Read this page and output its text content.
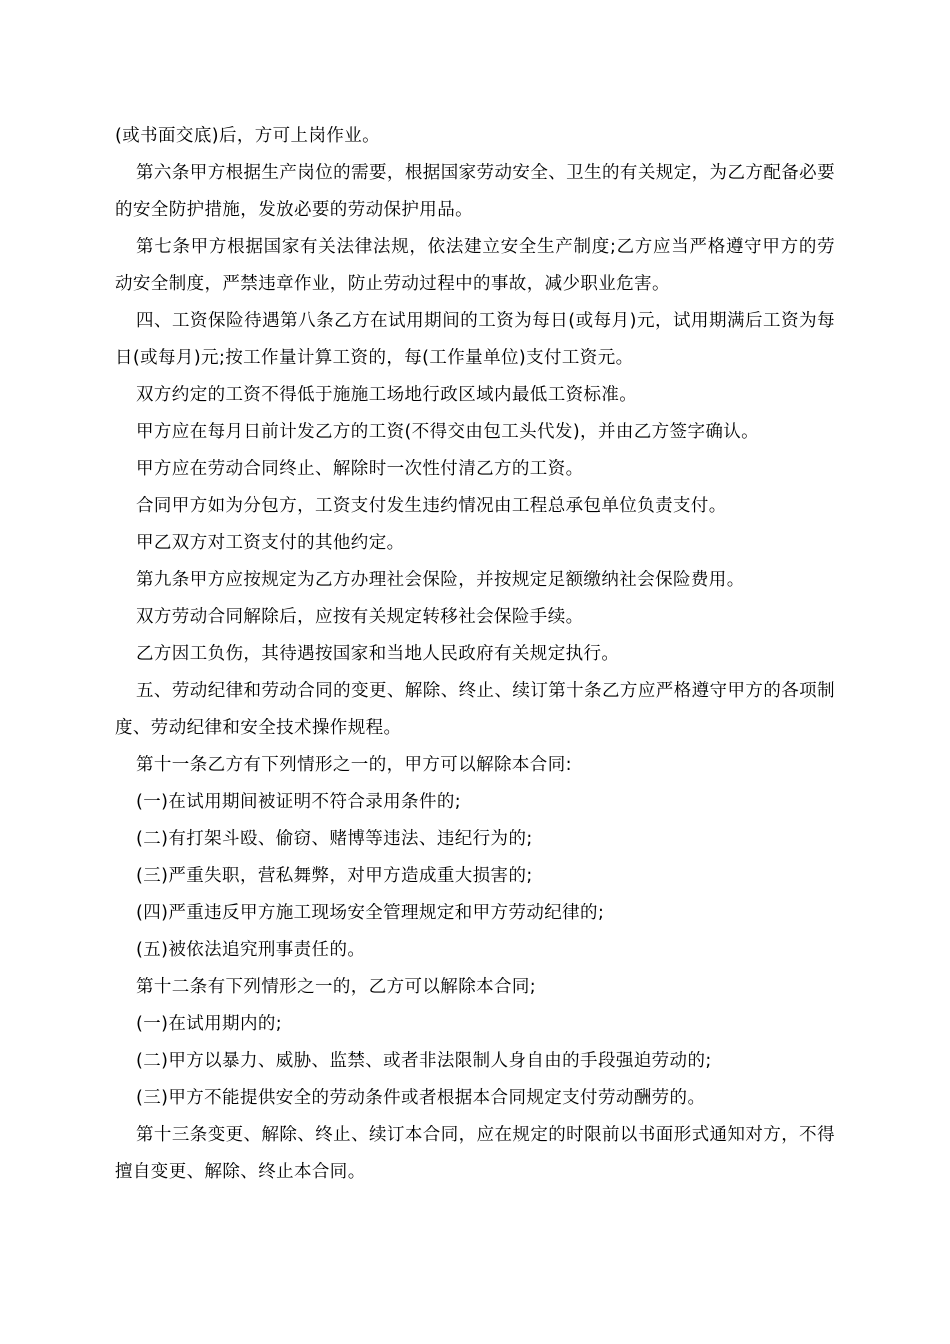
(或书面交底)后，方可上岗作业。

第六条甲方根据生产岗位的需要，根据国家劳动安全、卫生的有关规定，为乙方配备必要的安全防护措施，发放必要的劳动保护用品。

第七条甲方根据国家有关法律法规，依法建立安全生产制度;乙方应当严格遵守甲方的劳动安全制度，严禁违章作业，防止劳动过程中的事故，减少职业危害。

四、工资保险待遇第八条乙方在试用期间的工资为每日(或每月)元，试用期满后工资为每日(或每月)元;按工作量计算工资的，每(工作量单位)支付工资元。

双方约定的工资不得低于施施工场地行政区域内最低工资标准。

甲方应在每月日前计发乙方的工资(不得交由包工头代发)，并由乙方签字确认。

甲方应在劳动合同终止、解除时一次性付清乙方的工资。

合同甲方如为分包方，工资支付发生违约情况由工程总承包单位负责支付。

甲乙双方对工资支付的其他约定。

第九条甲方应按规定为乙方办理社会保险，并按规定足额缴纳社会保险费用。

双方劳动合同解除后，应按有关规定转移社会保险手续。

乙方因工负伤，其待遇按国家和当地人民政府有关规定执行。

五、劳动纪律和劳动合同的变更、解除、终止、续订第十条乙方应严格遵守甲方的各项制度、劳动纪律和安全技术操作规程。

第十一条乙方有下列情形之一的，甲方可以解除本合同:

(一)在试用期间被证明不符合录用条件的;

(二)有打架斗殴、偷窃、赌博等违法、违纪行为的;

(三)严重失职，营私舞弊，对甲方造成重大损害的;

(四)严重违反甲方施工现场安全管理规定和甲方劳动纪律的;

(五)被依法追究刑事责任的。

第十二条有下列情形之一的，乙方可以解除本合同;

(一)在试用期内的;

(二)甲方以暴力、威胁、监禁、或者非法限制人身自由的手段强迫劳动的;

(三)甲方不能提供安全的劳动条件或者根据本合同规定支付劳动酬劳的。

第十三条变更、解除、终止、续订本合同，应在规定的时限前以书面形式通知对方，不得擅自变更、解除、终止本合同。
